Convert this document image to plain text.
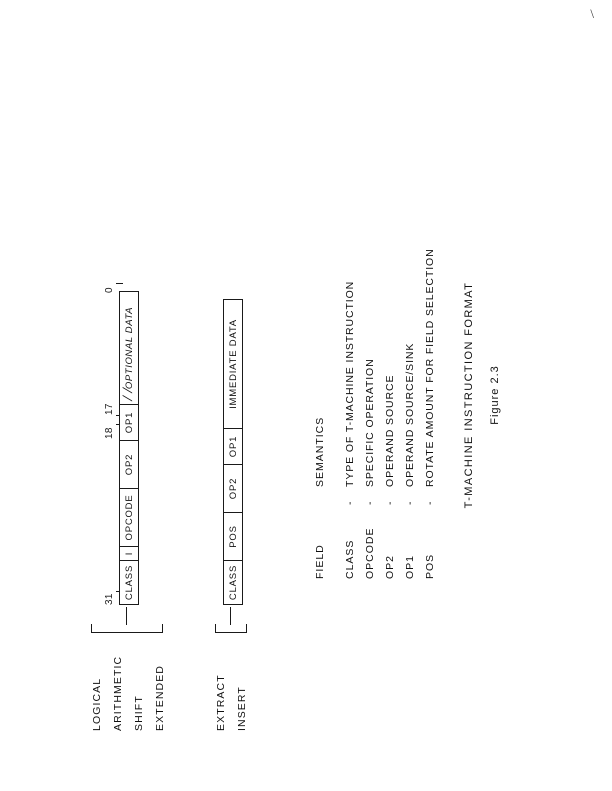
\
LOGICAL ARITHMETIC SHIFT EXTENDED	EXTRACT INSERT
31
18
17
0
CLASS
I
OPCODE
OP2
OP1
OPTIONAL DATA
/
/
CLASS
POS
OP2
OP1
IMMEDIATE DATA
FIELD
SEMANTICS
CLASS
-
TYPE OF T-MACHINE INSTRUCTION
OPCODE
-
SPECIFIC OPERATION
OP2
-
OPERAND SOURCE
OP1
-
OPERAND SOURCE/SINK
POS
-
ROTATE AMOUNT FOR FIELD SELECTION T-MACHINE INSTRUCTION FORMAT Figure 2.3
